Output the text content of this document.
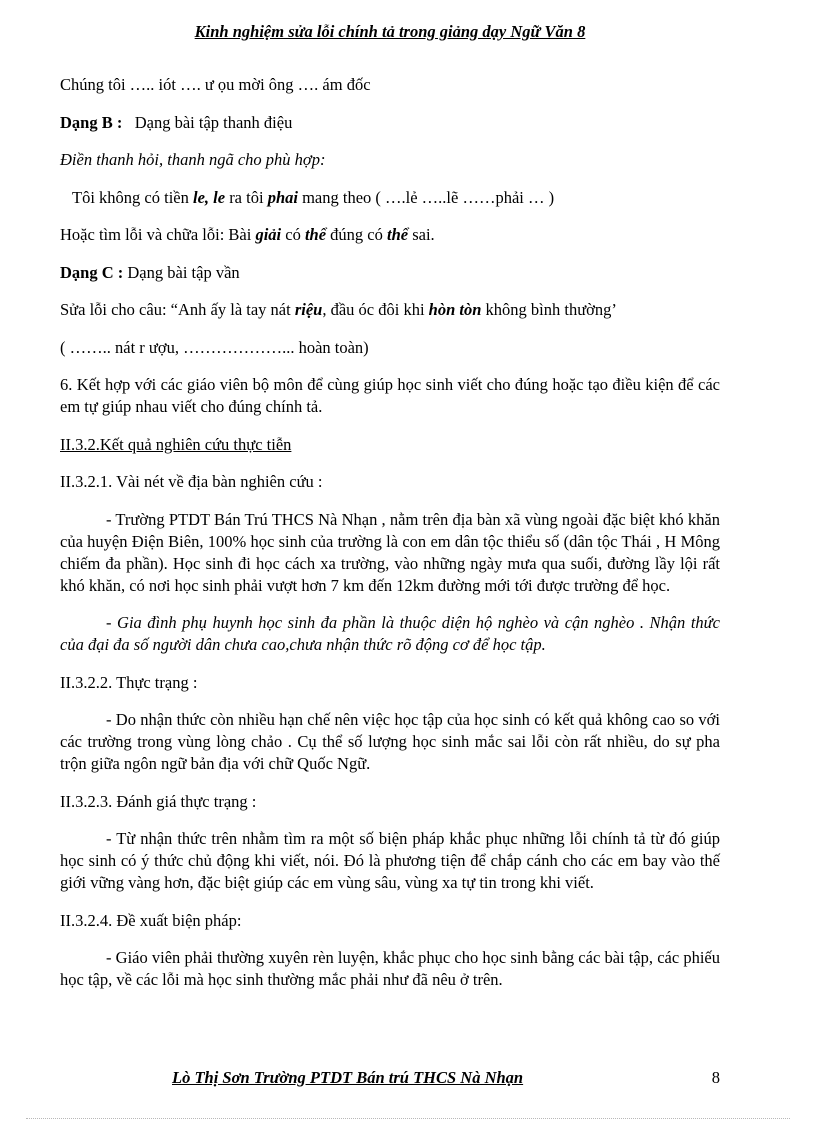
Kinh nghiệm sửa lỗi chính tả trong giảng dạy Ngữ Văn 8

Chúng tôi ….. iót …. ư ọu mời ông …. ám đốc

Dạng B : Dạng bài tập thanh điệu

Điền thanh hỏi, thanh ngã cho phù hợp:

Tôi không có tiền le, le ra tôi phai mang theo ( ….lẻ …..lẽ ……phải … )

Hoặc tìm lỗi và chữa lỗi: Bài giải có thể đúng có thể sai.

Dạng C : Dạng bài tập vần

Sửa lỗi cho câu: “Anh ấy là tay nát riệu, đầu óc đôi khi hòn tòn không bình thường’

( …….. nát r ượu, ………………... hoàn toàn)

6. Kết hợp với các giáo viên bộ môn để cùng giúp học sinh viết cho đúng hoặc tạo điều kiện để các em tự giúp nhau viết cho đúng chính tả.

II.3.2.Kết quả nghiên cứu thực tiễn

II.3.2.1. Vài nét về địa bàn nghiên cứu :

- Trường PTDT Bán Trú THCS Nà Nhạn , nằm trên địa bàn xã vùng ngoài đặc biệt khó khăn của huyện Điện Biên, 100% học sinh của trường là con em dân tộc thiểu số (dân tộc Thái , H Mông chiếm đa phần). Học sinh đi học cách xa trường, vào những ngày mưa qua suối, đường lầy lội rất khó khăn, có nơi học sinh phải vượt hơn 7 km đến 12km đường mới tới được trường để học.

- Gia đình phụ huynh học sinh đa phần là thuộc diện hộ nghèo và cận nghèo . Nhận thức của đại đa số người dân chưa cao,chưa nhận thức rõ động cơ để học tập.

II.3.2.2. Thực trạng :

- Do nhận thức còn nhiều hạn chế nên việc học tập của học sinh có kết quả không cao so với các trường trong vùng lòng chảo . Cụ thể số lượng học sinh mắc sai lỗi còn rất nhiều, do sự pha trộn giữa ngôn ngữ bản địa với chữ Quốc Ngữ.

II.3.2.3. Đánh giá thực trạng :

- Từ nhận thức trên nhằm tìm ra một số biện pháp khắc phục những lỗi chính tả từ đó giúp học sinh có ý thức chủ động khi viết, nói. Đó là phương tiện để chắp cánh cho các em bay vào thế giới vững vàng hơn, đặc biệt giúp các em vùng sâu, vùng xa tự tin trong khi viết.

II.3.2.4. Đề xuất biện pháp:

- Giáo viên phải thường xuyên rèn luyện, khắc phục cho học sinh bằng các bài tập, các phiếu học tập, về các lỗi mà học sinh thường mắc phải như đã nêu ở trên.

Lò Thị Sơn Trường PTDT Bán trú THCS Nà Nhạn	8
